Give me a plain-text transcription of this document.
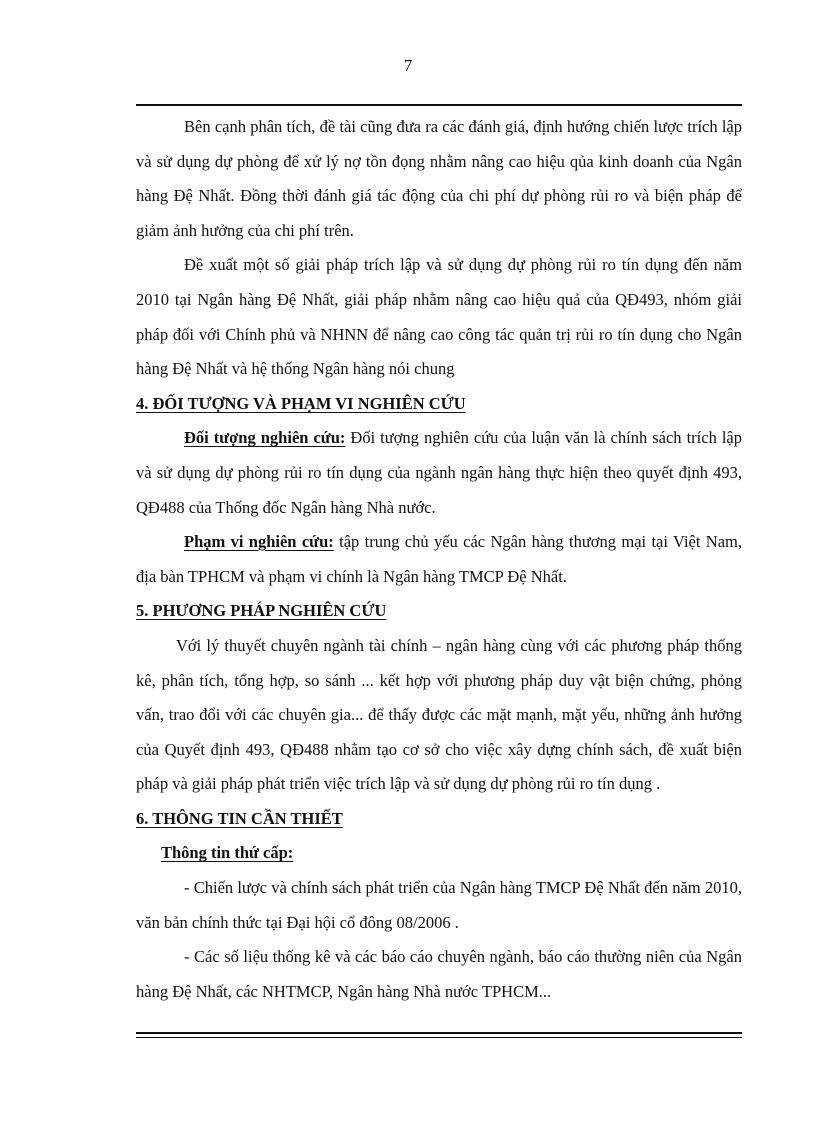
7

Bên cạnh phân tích, đề tài cũng đưa ra các đánh giá, định hướng chiến lược trích lập và sử dụng dự phòng để xử lý nợ tồn đọng nhằm nâng cao hiệu qủa kinh doanh của Ngân hàng Đệ Nhất. Đồng thời đánh giá tác động của chi phí dự phòng rủi ro và biện pháp để giảm ảnh hưởng của chi phí trên.

Đề xuất một số giải pháp trích lập và sử dụng dự phòng rủi ro tín dụng đến năm 2010 tại Ngân hàng Đệ Nhất, giải pháp nhằm nâng cao hiệu quả của QĐ493, nhóm giải pháp đối với Chính phủ và NHNN để nâng cao công tác quản trị rủi ro tín dụng cho Ngân hàng Đệ Nhất và hệ thống Ngân hàng nói chung

4. ĐỐI TƯỢNG VÀ PHẠM VI NGHIÊN CỨU

Đối tượng nghiên cứu: Đối tượng nghiên cứu của luận văn là chính sách trích lập và sử dụng dự phòng rủi ro tín dụng của ngành ngân hàng thực hiện theo quyết định 493, QĐ488 của Thống đốc Ngân hàng Nhà nước.

Phạm vi nghiên cứu: tập trung chủ yếu các Ngân hàng thương mại tại Việt Nam, địa bàn TPHCM và phạm vi chính là Ngân hàng TMCP Đệ Nhất.

5. PHƯƠNG PHÁP NGHIÊN CỨU

Với lý thuyết chuyên ngành tài chính – ngân hàng cùng với các phương pháp thống kê, phân tích, tổng hợp, so sánh ... kết hợp với phương pháp duy vật biện chứng, phỏng vấn, trao đổi với các chuyên gia... để thấy được các mặt mạnh, mặt yếu, những ảnh hưởng của Quyết định 493, QĐ488 nhằm tạo cơ sở cho việc xây dựng chính sách, đề xuất biện pháp và giải pháp phát triển việc trích lập và sử dụng dự phòng rủi ro tín dụng .

6. THÔNG TIN CẦN THIẾT
Thông tin thứ cấp:

- Chiến lược và chính sách phát triển của Ngân hàng TMCP Đệ Nhất đến năm 2010, văn bản chính thức tại Đại hội cổ đông 08/2006 .

- Các số liệu thống kê và các báo cáo chuyên ngành, báo cáo thường niên của Ngân hàng Đệ Nhất, các NHTMCP, Ngân hàng Nhà nước TPHCM...
